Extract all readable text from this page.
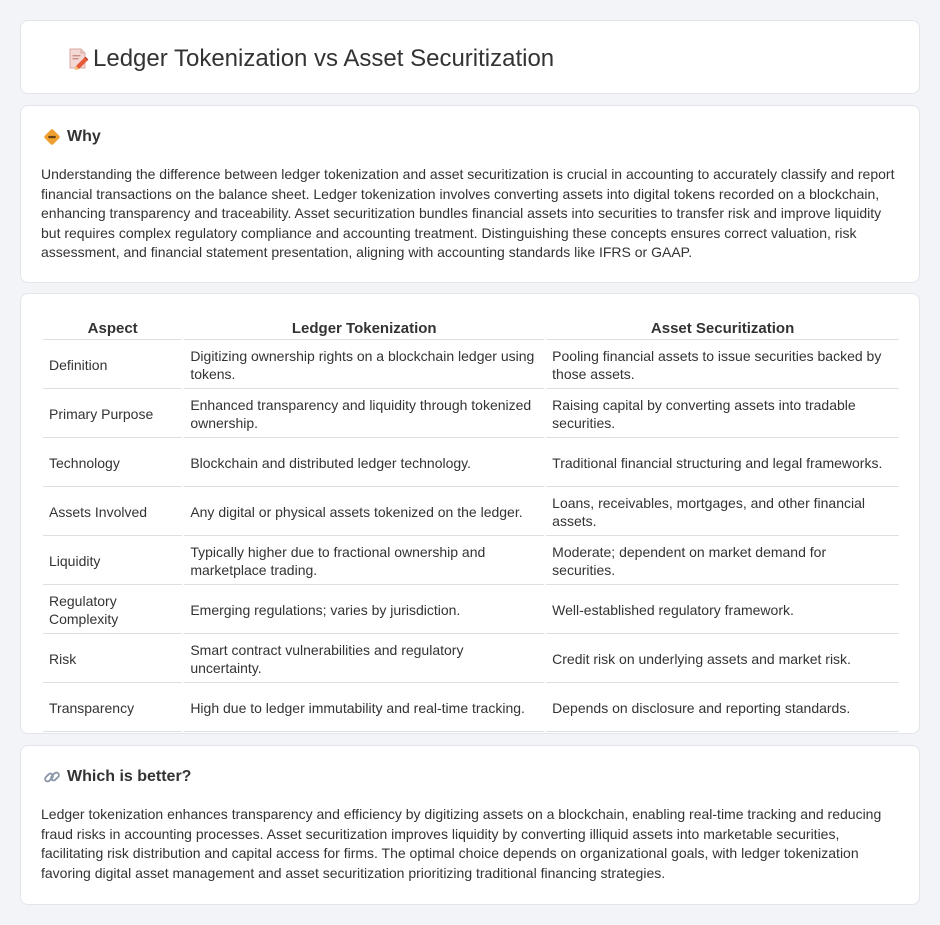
Ledger Tokenization vs Asset Securitization
Why

Understanding the difference between ledger tokenization and asset securitization is crucial in accounting to accurately classify and report financial transactions on the balance sheet. Ledger tokenization involves converting assets into digital tokens recorded on a blockchain, enhancing transparency and traceability. Asset securitization bundles financial assets into securities to transfer risk and improve liquidity but requires complex regulatory compliance and accounting treatment. Distinguishing these concepts ensures correct valuation, risk assessment, and financial statement presentation, aligning with accounting standards like IFRS or GAAP.

Aspect	Ledger Tokenization	Asset Securitization
Definition	Digitizing ownership rights on a blockchain ledger using tokens.	Pooling financial assets to issue securities backed by those assets.
Primary Purpose	Enhanced transparency and liquidity through tokenized ownership.	Raising capital by converting assets into tradable securities.
Technology	Blockchain and distributed ledger technology.	Traditional financial structuring and legal frameworks.
Assets Involved	Any digital or physical assets tokenized on the ledger.	Loans, receivables, mortgages, and other financial assets.
Liquidity	Typically higher due to fractional ownership and marketplace trading.	Moderate; dependent on market demand for securities.
Regulatory Complexity	Emerging regulations; varies by jurisdiction.	Well-established regulatory framework.
Risk	Smart contract vulnerabilities and regulatory uncertainty.	Credit risk on underlying assets and market risk.
Transparency	High due to ledger immutability and real-time tracking.	Depends on disclosure and reporting standards.
Which is better?

Ledger tokenization enhances transparency and efficiency by digitizing assets on a blockchain, enabling real-time tracking and reducing fraud risks in accounting processes. Asset securitization improves liquidity by converting illiquid assets into marketable securities, facilitating risk distribution and capital access for firms. The optimal choice depends on organizational goals, with ledger tokenization favoring digital asset management and asset securitization prioritizing traditional financing strategies.
